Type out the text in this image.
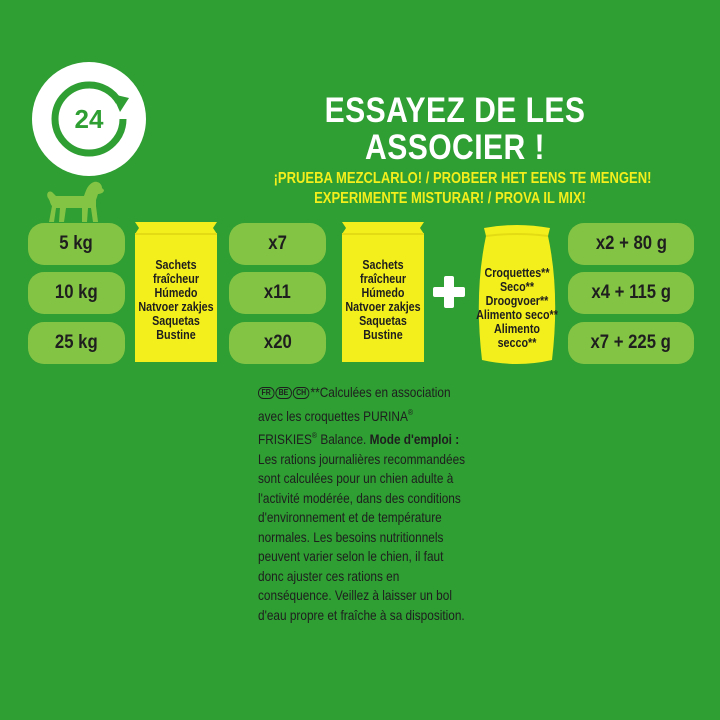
24	ESSAYEZ DE LES
ASSOCIER !
¡PRUEBA MEZCLARLO! / PROBEER HET EENS TE MENGEN!
EXPERIMENTE MISTURAR! / PROVA IL MIX!
5 kg
10 kg
25 kg
Sachets
fraîcheur
Húmedo
Natvoer zakjes
Saquetas
Bustine
x7
x11
x20
Sachets
fraîcheur
Húmedo
Natvoer zakjes
Saquetas
Bustine
Croquettes**
Seco**
Droogvoer**
Alimento seco**
Alimento
secco**
x2 + 80 g
x4 + 115 g
x7 + 225 g

FR BE CH **Calculées en association avec les croquettes PURINA® FRISKIES® Balance. Mode d'emploi : Les rations journalières recommandées sont calculées pour un chien adulte à l'activité modérée, dans des conditions d'environnement et de température normales. Les besoins nutritionnels peuvent varier selon le chien, il faut donc ajuster ces rations en conséquence. Veillez à laisser un bol d'eau propre et fraîche à sa disposition.
